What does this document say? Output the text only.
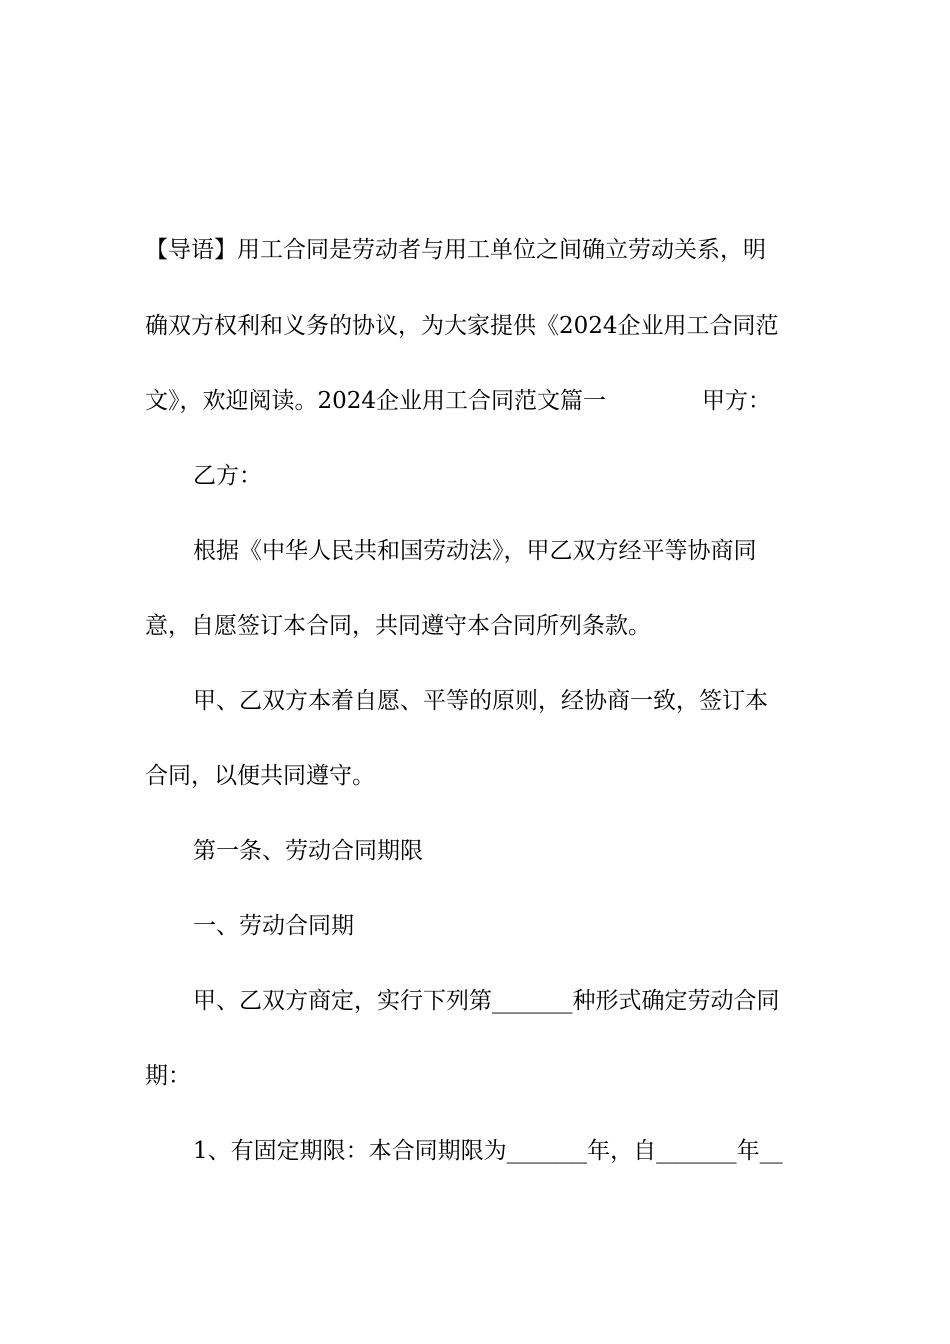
【导语】用工合同是劳动者与用工单位之间确立劳动关系，明
确双方权利和义务的协议，为大家提供《2024企业用工合同范
文》，欢迎阅读。2024企业用工合同范文篇一	甲方：
乙方：
根据《中华人民共和国劳动法》，甲乙双方经平等协商同
意，自愿签订本合同，共同遵守本合同所列条款。
甲、乙双方本着自愿、平等的原则，经协商一致，签订本
合同，以便共同遵守。
第一条、劳动合同期限
一、劳动合同期
甲、乙双方商定，实行下列第_______种形式确定劳动合同
期：
1、有固定期限：本合同期限为_______年，自_______年__
